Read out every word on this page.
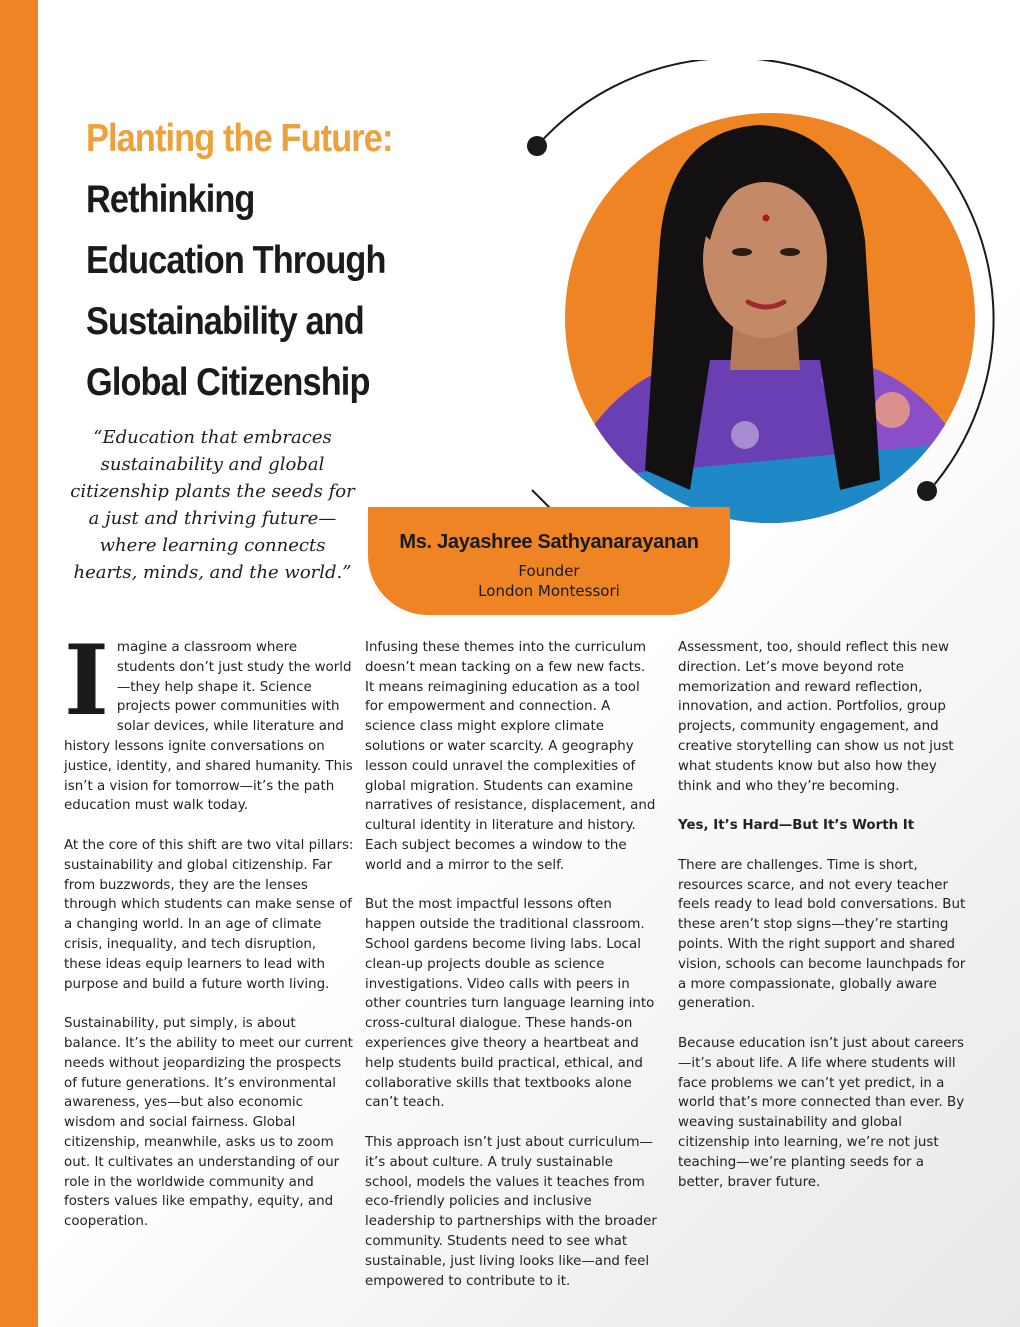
Planting the Future: Rethinking Education Through Sustainability and Global Citizenship

“Education that embraces sustainability and global citizenship plants the seeds for a just and thriving future—where learning connects hearts, minds, and the world.”

Ms. Jayashree Sathyanarayanan
Founder
London Montessori

Imagine a classroom where students don’t just study the world—they help shape it. Science projects power communities with solar devices, while literature and history lessons ignite conversations on justice, identity, and shared humanity. This isn’t a vision for tomorrow—it’s the path education must walk today.

At the core of this shift are two vital pillars: sustainability and global citizenship. Far from buzzwords, they are the lenses through which students can make sense of a changing world. In an age of climate crisis, inequality, and tech disruption, these ideas equip learners to lead with purpose and build a future worth living.

Sustainability, put simply, is about balance. It’s the ability to meet our current needs without jeopardizing the prospects of future generations. It’s environmental awareness, yes—but also economic wisdom and social fairness. Global citizenship, meanwhile, asks us to zoom out. It cultivates an understanding of our role in the worldwide community and fosters values like empathy, equity, and cooperation.

Infusing these themes into the curriculum doesn’t mean tacking on a few new facts. It means reimagining education as a tool for empowerment and connection. A science class might explore climate solutions or water scarcity. A geography lesson could unravel the complexities of global migration. Students can examine narratives of resistance, displacement, and cultural identity in literature and history. Each subject becomes a window to the world and a mirror to the self.

But the most impactful lessons often happen outside the traditional classroom. School gardens become living labs. Local clean-up projects double as science investigations. Video calls with peers in other countries turn language learning into cross-cultural dialogue. These hands-on experiences give theory a heartbeat and help students build practical, ethical, and collaborative skills that textbooks alone can’t teach.

This approach isn’t just about curriculum—it’s about culture. A truly sustainable school, models the values it teaches from eco-friendly policies and inclusive leadership to partnerships with the broader community. Students need to see what sustainable, just living looks like—and feel empowered to contribute to it.

Assessment, too, should reflect this new direction. Let’s move beyond rote memorization and reward reflection, innovation, and action. Portfolios, group projects, community engagement, and creative storytelling can show us not just what students know but also how they think and who they’re becoming.

Yes, It’s Hard—But It’s Worth It

There are challenges. Time is short, resources scarce, and not every teacher feels ready to lead bold conversations. But these aren’t stop signs—they’re starting points. With the right support and shared vision, schools can become launchpads for a more compassionate, globally aware generation.

Because education isn’t just about careers—it’s about life. A life where students will face problems we can’t yet predict, in a world that’s more connected than ever. By weaving sustainability and global citizenship into learning, we’re not just teaching—we’re planting seeds for a better, braver future.
